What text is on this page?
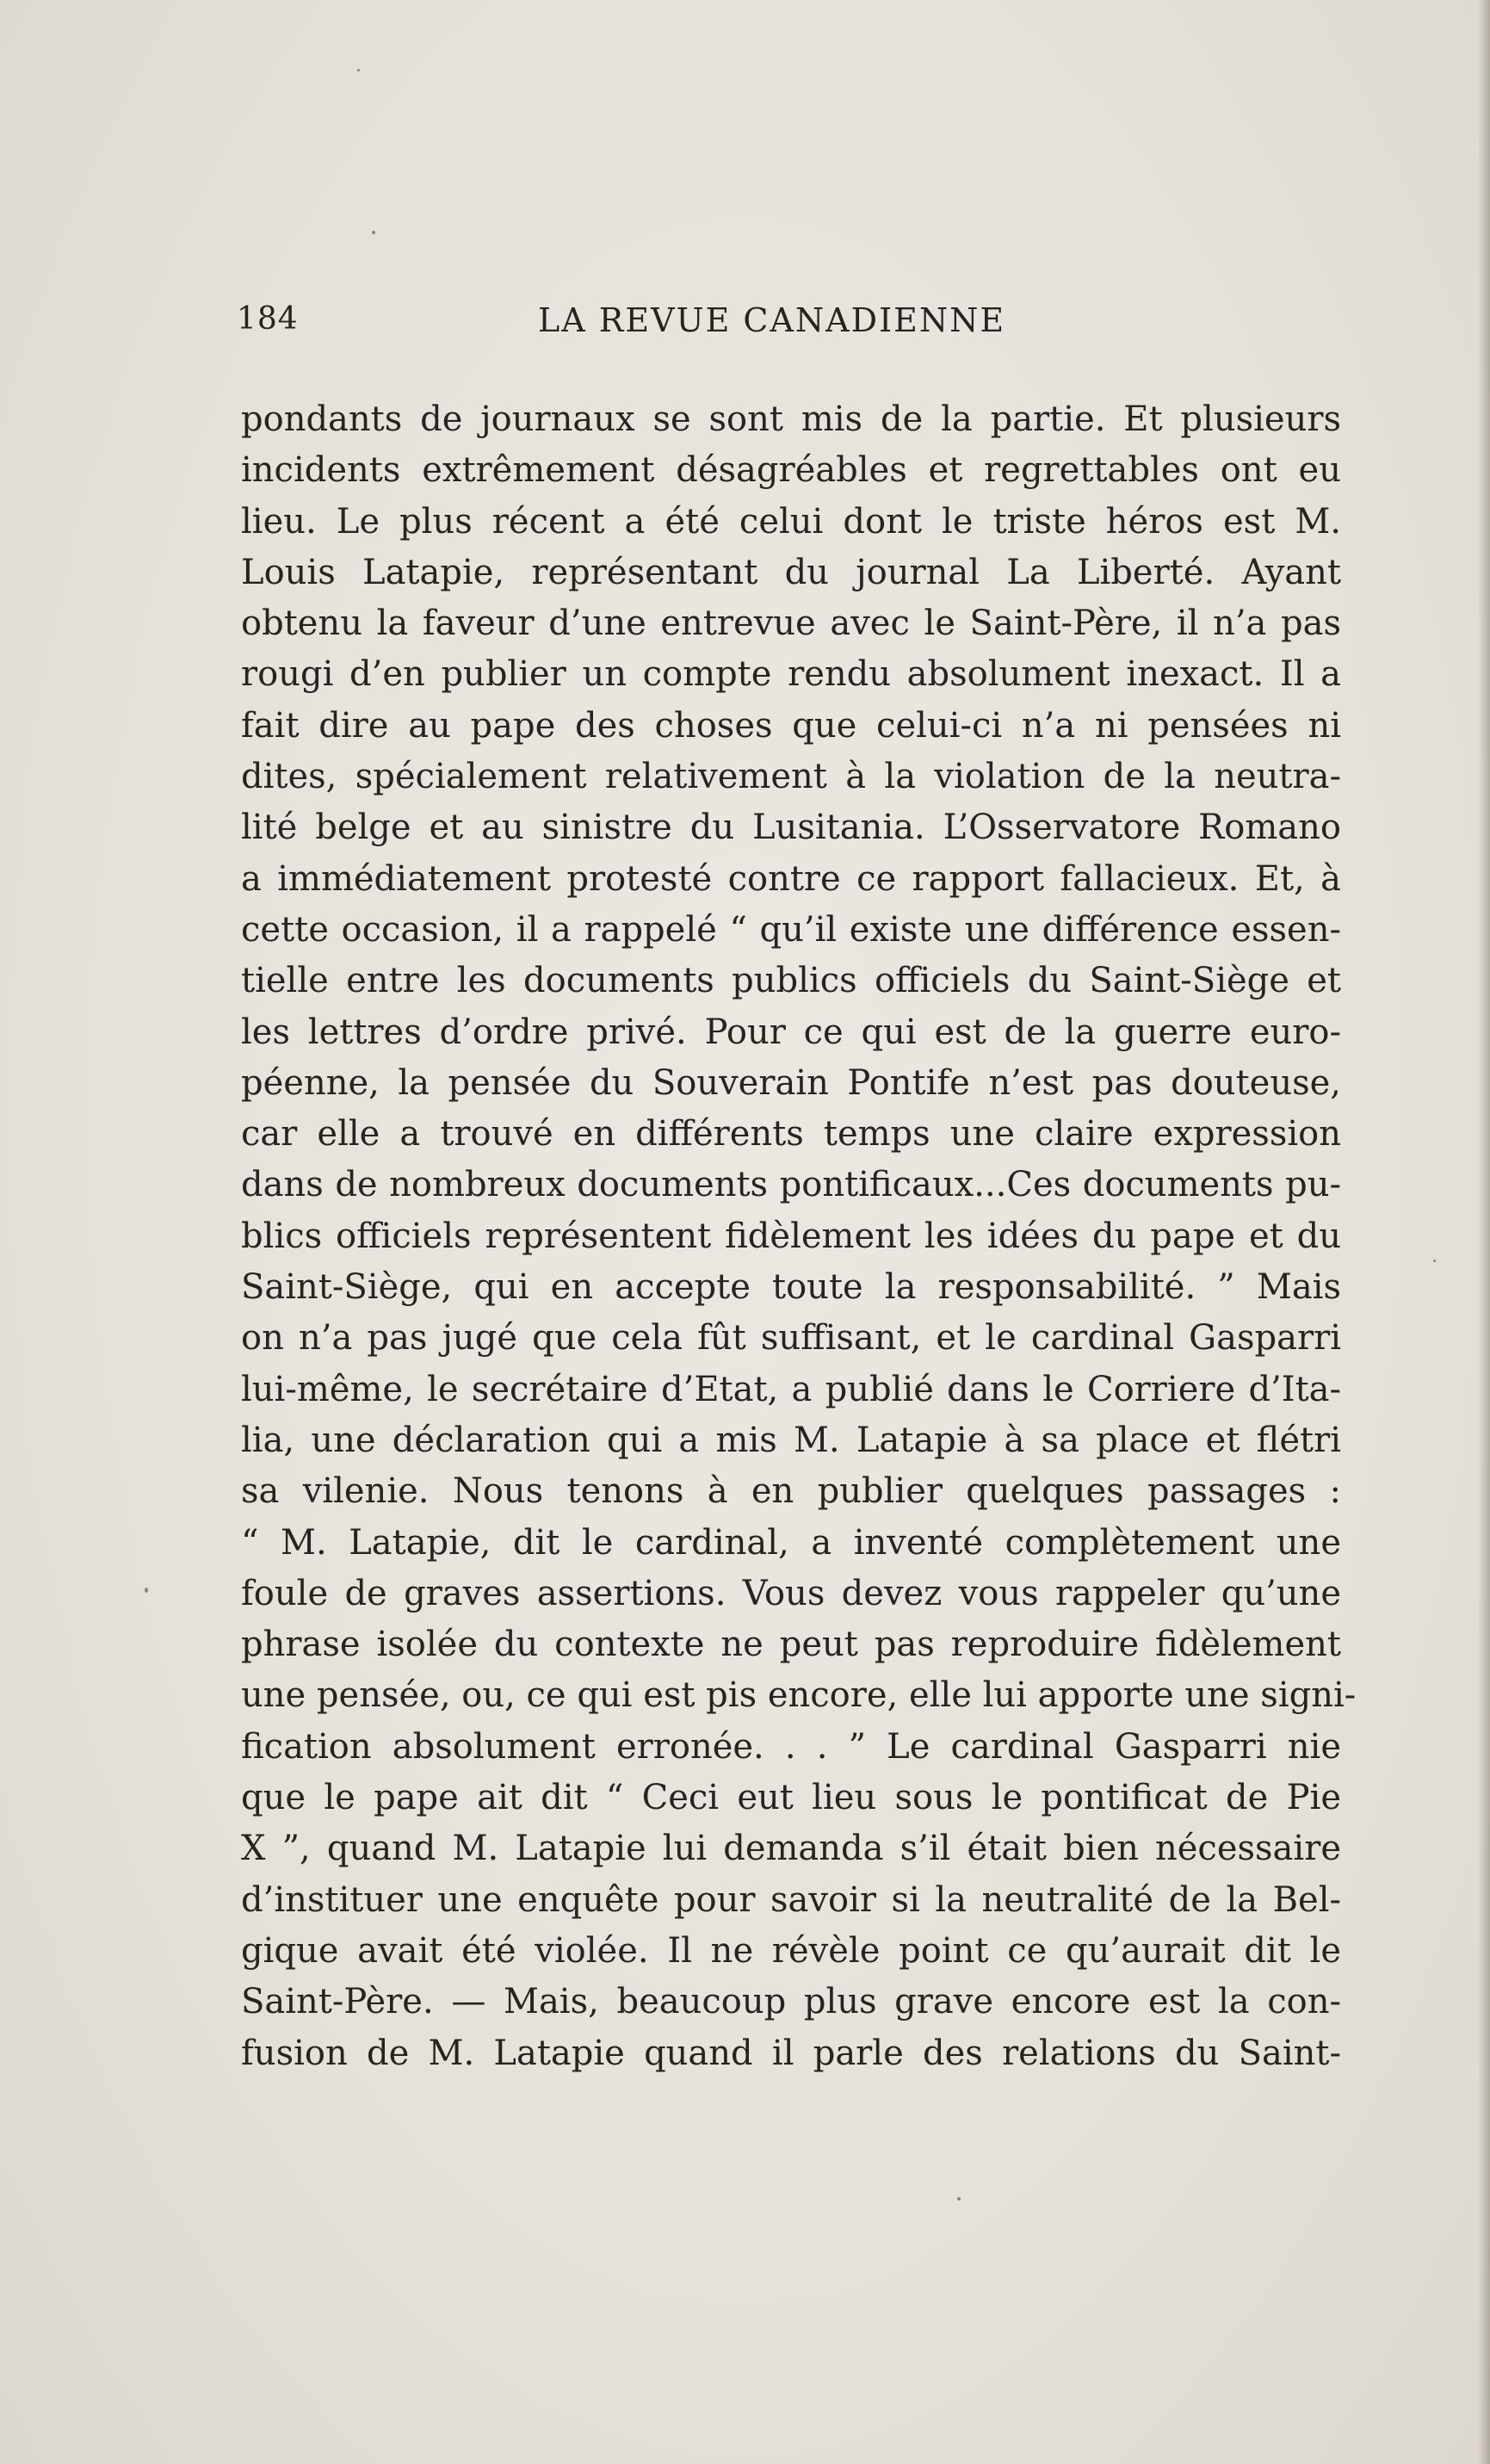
184	LA REVUE CANADIENNE
pondants de journaux se sont mis de la partie. Et plusieurs
incidents extrêmement désagréables et regrettables ont eu
lieu. Le plus récent a été celui dont le triste héros est M.
Louis Latapie, représentant du journal La Liberté. Ayant
obtenu la faveur d’une entrevue avec le Saint-Père, il n’a pas
rougi d’en publier un compte rendu absolument inexact. Il a
fait dire au pape des choses que celui-ci n’a ni pensées ni
dites, spécialement relativement à la violation de la neutra-
lité belge et au sinistre du Lusitania. L’Osservatore Romano
a immédiatement protesté contre ce rapport fallacieux. Et, à
cette occasion, il a rappelé “ qu’il existe une différence essen-
tielle entre les documents publics officiels du Saint-Siège et
les lettres d’ordre privé. Pour ce qui est de la guerre euro-
péenne, la pensée du Souverain Pontife n’est pas douteuse,
car elle a trouvé en différents temps une claire expression
dans de nombreux documents pontificaux...Ces documents pu-
blics officiels représentent fidèlement les idées du pape et du
Saint-Siège, qui en accepte toute la responsabilité. ” Mais
on n’a pas jugé que cela fût suffisant, et le cardinal Gasparri
lui-même, le secrétaire d’Etat, a publié dans le Corriere d’Ita-
lia, une déclaration qui a mis M. Latapie à sa place et flétri
sa vilenie. Nous tenons à en publier quelques passages :
“ M. Latapie, dit le cardinal, a inventé complètement une
foule de graves assertions. Vous devez vous rappeler qu’une
phrase isolée du contexte ne peut pas reproduire fidèlement
une pensée, ou, ce qui est pis encore, elle lui apporte une signi-
fication absolument erronée. . . ” Le cardinal Gasparri nie
que le pape ait dit “ Ceci eut lieu sous le pontificat de Pie
X ”, quand M. Latapie lui demanda s’il était bien nécessaire
d’instituer une enquête pour savoir si la neutralité de la Bel-
gique avait été violée. Il ne révèle point ce qu’aurait dit le
Saint-Père. — Mais, beaucoup plus grave encore est la con-
fusion de M. Latapie quand il parle des relations du Saint-
